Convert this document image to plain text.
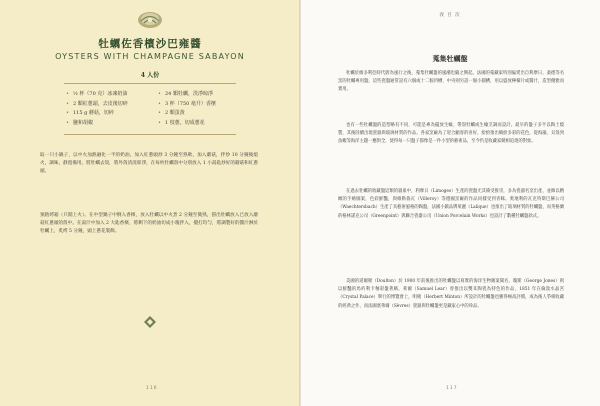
牡蠣佐香檳沙巴雍醬
OYSTERS WITH CHAMPAGNE SABAYON
4 人份
• ½ 杯（70 克）冰凍奶油
• 2 顆紅蔥頭，去皮後切碎
• 115 g 蘑菇，切碎
• 鹽和胡椒
• 24 顆牡蠣，洗淨晾淨
• 3 杯（750 毫升）香檳
• 2 顆蛋黃
• 1 枝蔥，切成蔥花
取一只小鍋子，以中火加熱融化一半的奶油，加入紅蔥頭炒 3 分鐘至熟軟，加入蘑菇，拌炒 10 分鐘後熄火，調味，靜置備用。將牡蠣去殼，將外殼清洗晾淨，在每枚牡蠣殼中分別放入 1 小湯匙炒好的蘑菇和紅蔥頭。
預熱烤箱（只開上火）。在中型鍋子中倒入香檳，放入牡蠣以中火煮 2 分鐘至微熟，撈出牡蠣放入已放入蘑菇紅蔥頭的殼中。在湯汁中加入 2 大匙香檳，將剩下的奶油切成小塊拌入，攪打均勻，將調製好的醬汁淋於牡蠣上，炙烤 5 分鐘，頭上蔥花裝飾。
116
義 目 次
蒐集牡蠣盤
牡蠣於維多利亞時代蔚為風行之後，蒐集牡蠣盤的風潮也隨之興起。法國的蒐藏家特別偏愛出自利摩日、桑德等名窯的牡蠣專用盤，這些瓷盤通常設有六個或十二個凹槽，中央則另設一個小圓槽，用以盛放檸檬片或醬汁，造型優雅而實用。
也有一些牡蠣盤的造型略有不同，可能是專為擺放生蠔、帶殼牡蠣或生蠔烹調而設計。最早的盤子多半以陶土燒製，其後陸續出現瓷器與玻璃材質的作品。各家窯廠為了迎合顧客的喜好，紛紛推出繽紛多彩的花色，從海藻、貝殼到魚蝦等海洋主題一應俱全，使得每一只盤子都像是一件小型的藝術品，至今仍是收藏家競相追逐的對象。
在過去牡蠣的收藏盤這類的器皿中，利摩日（Limoges）生產的瓷盤尤其備受推崇，多為瓷器名窯出產，並飾以精緻的手繪圖案，色彩鮮豔，與維勒魯瓦（Villeroy）等德國窯廠的作品同樣受到青睞。奧地利的瓦克特斯巴赫公司（Waechtersbach）生產了具藝術風格的陶盤，法國小鎮品牌萊麗（Lalique）也推出了玻璃材質的牡蠣盤，而英格蘭的格林諾克公司（Greenpoint）與聯合瓷器公司（Union Porcelain Works）也設計了數種牡蠣盤款式。
美國的道爾頓（Doulton）於 1900 年前後推出的牡蠣盤以寫實的海洋生物圖案聞名，瓊斯（George Jones）則以鮮豔的馬約利卡釉彩盤著稱。萊爾（Samuel Lear）曾推出以雙耳陶瓷為特色的作品，1851 年在倫敦水晶宮（Crystal Palace）舉行的博覽會上，明頓（Herbert Minton）所設計的牡蠣盤也獲得極高評價，成為後人爭相收藏的經典之作，而法國塞弗爾（Sèvres）瓷器與牡蠣盤更是藏家心中的珍品。
117
